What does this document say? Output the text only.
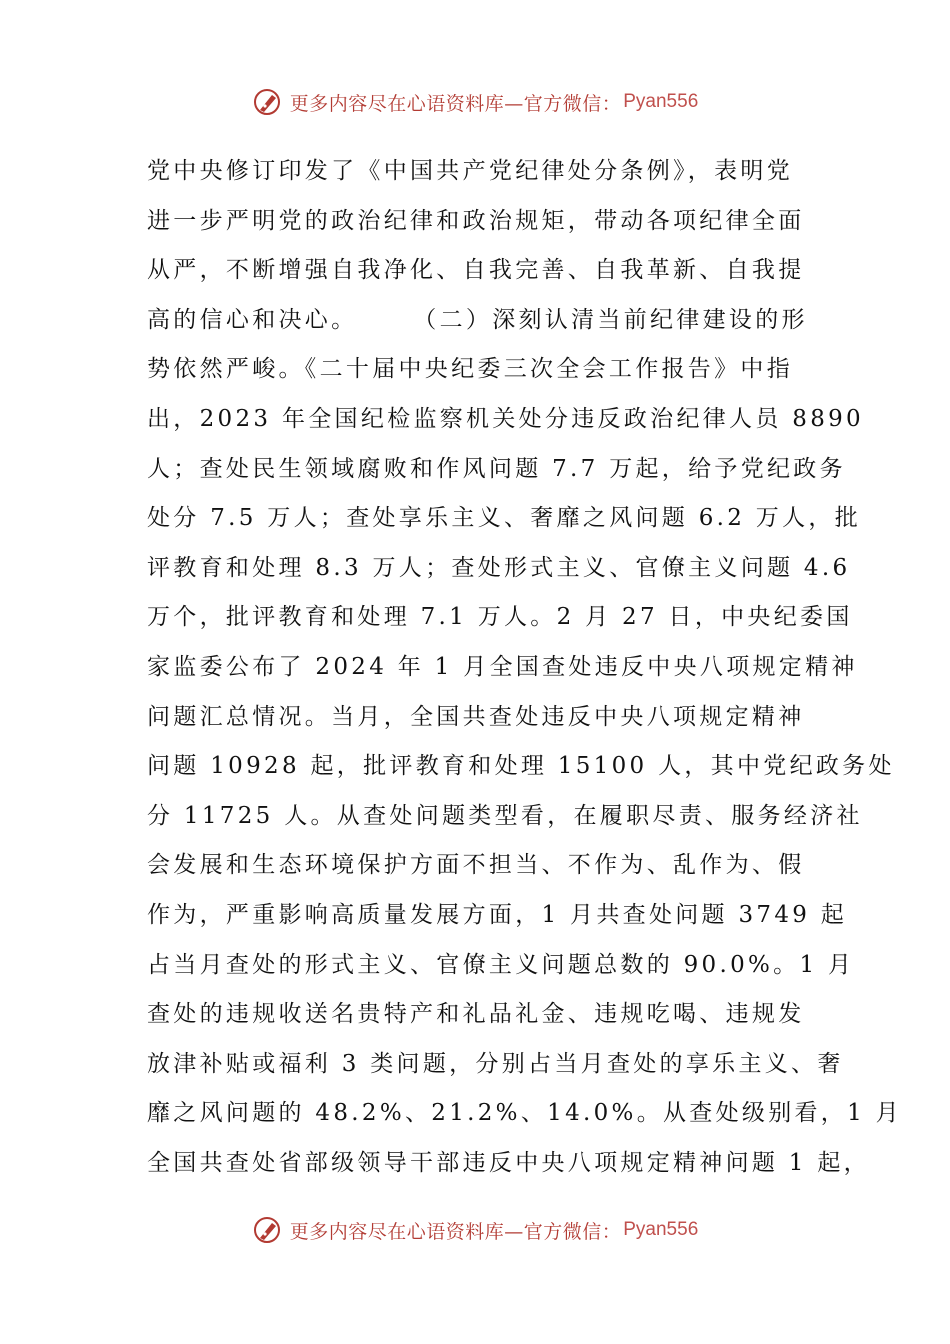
更多内容尽在心语资料库—官方微信： Pyan556
党中央修订印发了《中国共产党纪律处分条例》，表明党
进一步严明党的政治纪律和政治规矩，带动各项纪律全面
从严，不断增强自我净化、自我完善、自我革新、自我提
高的信心和决心。　　　（二）深刻认清当前纪律建设的形
势依然严峻。《二十届中央纪委三次全会工作报告》中指
出，2023 年全国纪检监察机关处分违反政治纪律人员 8890
人；查处民生领域腐败和作风问题 7.7 万起，给予党纪政务
处分 7.5 万人；查处享乐主义、奢靡之风问题 6.2 万人，批
评教育和处理 8.3 万人；查处形式主义、官僚主义问题 4.6
万个，批评教育和处理 7.1 万人。2 月 27 日，中央纪委国
家监委公布了 2024 年 1 月全国查处违反中央八项规定精神
问题汇总情况。当月，全国共查处违反中央八项规定精神
问题 10928 起，批评教育和处理 15100 人，其中党纪政务处
分 11725 人。从查处问题类型看，在履职尽责、服务经济社
会发展和生态环境保护方面不担当、不作为、乱作为、假
作为，严重影响高质量发展方面，1 月共查处问题 3749 起
占当月查处的形式主义、官僚主义问题总数的 90.0%。1 月
查处的违规收送名贵特产和礼品礼金、违规吃喝、违规发
放津补贴或福利 3 类问题，分别占当月查处的享乐主义、奢
靡之风问题的 48.2%、21.2%、14.0%。从查处级别看，1 月
全国共查处省部级领导干部违反中央八项规定精神问题 1 起，
更多内容尽在心语资料库—官方微信： Pyan556
